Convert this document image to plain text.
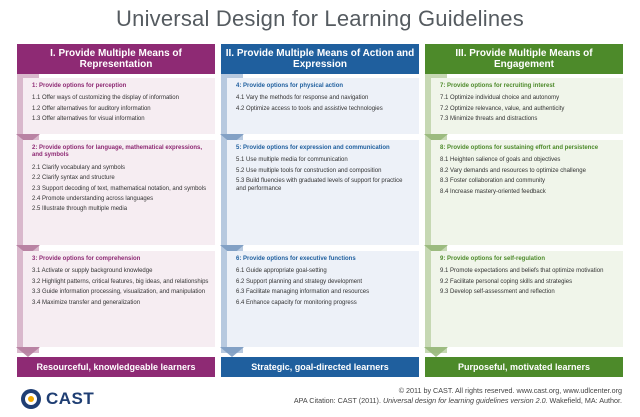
Universal Design for Learning Guidelines
I. Provide Multiple Means of Representation
1: Provide options for perception
1.1 Offer ways of customizing the display of information
1.2 Offer alternatives for auditory information
1.3 Offer alternatives for visual information
2: Provide options for language, mathematical expressions, and symbols
2.1 Clarify vocabulary and symbols
2.2 Clarify syntax and structure
2.3 Support decoding of text, mathematical notation, and symbols
2.4 Promote understanding across languages
2.5 Illustrate through multiple media
3: Provide options for comprehension
3.1 Activate or supply background knowledge
3.2 Highlight patterns, critical features, big ideas, and relationships
3.3 Guide information processing, visualization, and manipulation
3.4 Maximize transfer and generalization
Resourceful, knowledgeable learners
II. Provide Multiple Means of Action and Expression
4: Provide options for physical action
4.1 Vary the methods for response and navigation
4.2 Optimize access to tools and assistive technologies
5: Provide options for expression and communication
5.1 Use multiple media for communication
5.2 Use multiple tools for construction and composition
5.3 Build fluencies with graduated levels of support for practice and performance
6: Provide options for executive functions
6.1 Guide appropriate goal-setting
6.2 Support planning and strategy development
6.3 Facilitate managing information and resources
6.4 Enhance capacity for monitoring progress
Strategic, goal-directed learners
III. Provide Multiple Means of Engagement
7: Provide options for recruiting interest
7.1 Optimize individual choice and autonomy
7.2 Optimize relevance, value, and authenticity
7.3 Minimize threats and distractions
8: Provide options for sustaining effort and persistence
8.1 Heighten salience of goals and objectives
8.2 Vary demands and resources to optimize challenge
8.3 Foster collaboration and community
8.4 Increase mastery-oriented feedback
9: Provide options for self-regulation
9.1 Promote expectations and beliefs that optimize motivation
9.2 Facilitate personal coping skills and strategies
9.3 Develop self-assessment and reflection
Purposeful, motivated learners
CAST	© 2011 by CAST. All rights reserved. www.cast.org, www.udlcenter.org
APA Citation: CAST (2011). Universal design for learning guidelines version 2.0. Wakefield, MA: Author.
